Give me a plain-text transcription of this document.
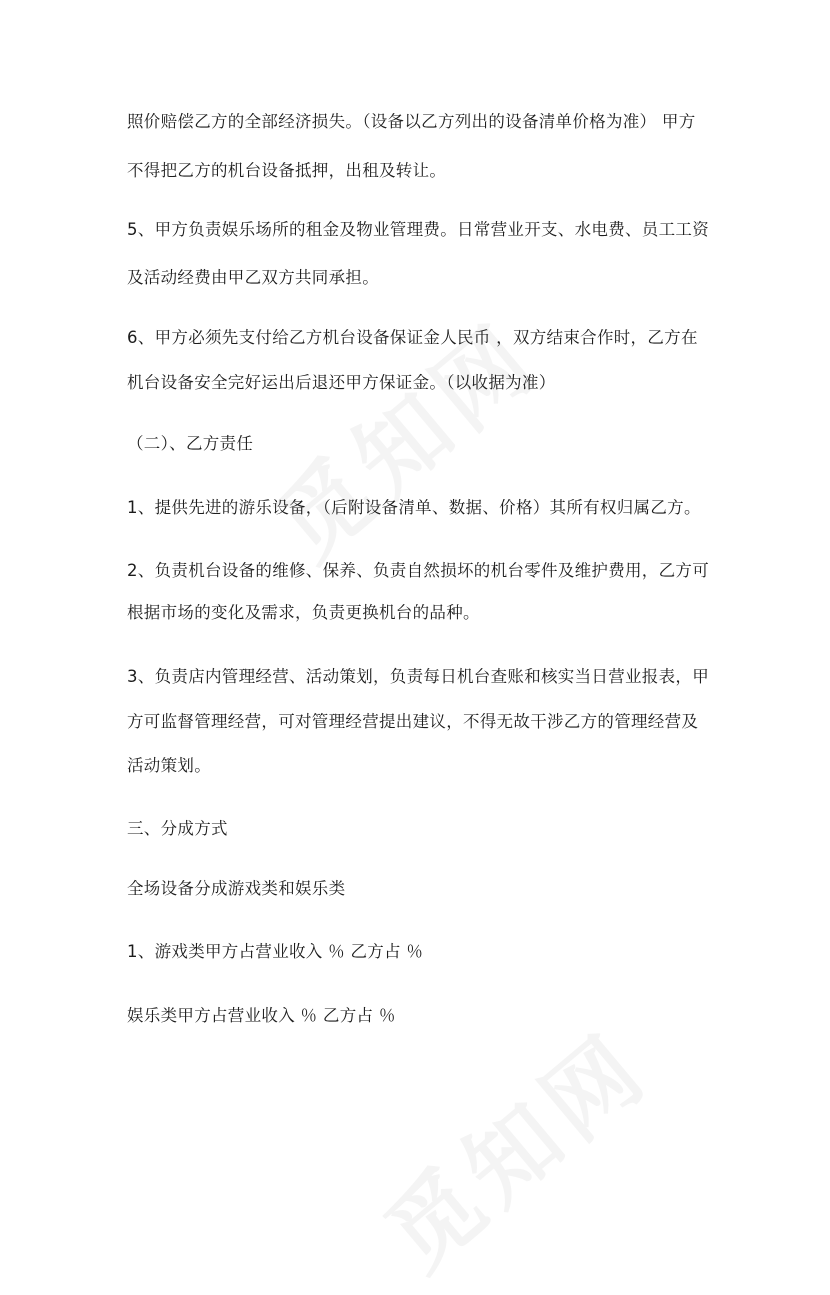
照价赔偿乙方的全部经济损失。（设备以乙方列出的设备清单价格为准） 甲方
不得把乙方的机台设备抵押，出租及转让。
5、甲方负责娱乐场所的租金及物业管理费。日常营业开支、水电费、员工工资
及活动经费由甲乙双方共同承担。
6、甲方必须先支付给乙方机台设备保证金人民币 ，双方结束合作时，乙方在
机台设备安全完好运出后退还甲方保证金。（以收据为准）
（二）、乙方责任
1、提供先进的游乐设备，（后附设备清单、数据、价格）其所有权归属乙方。
2、负责机台设备的维修、保养、负责自然损坏的机台零件及维护费用，乙方可
根据市场的变化及需求，负责更换机台的品种。
3、负责店内管理经营、活动策划，负责每日机台查账和核实当日营业报表，甲
方可监督管理经营，可对管理经营提出建议，不得无故干涉乙方的管理经营及
活动策划。
三、分成方式
全场设备分成游戏类和娱乐类
1、游戏类甲方占营业收入 ％ 乙方占 ％
娱乐类甲方占营业收入 ％ 乙方占 ％
